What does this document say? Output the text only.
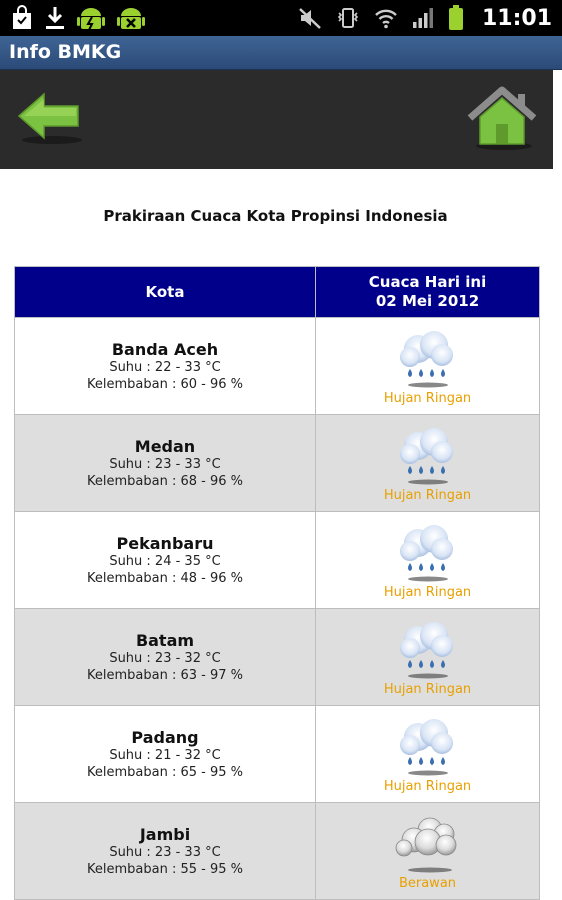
11:01
Info BMKG
Prakiraan Cuaca Kota Propinsi Indonesia
Kota	Cuaca Hari ini
02 Mei 2012

Banda Aceh
Suhu : 22 - 33 °C
Kelembaban : 60 - 96 %	Hujan Ringan

Medan
Suhu : 23 - 33 °C
Kelembaban : 68 - 96 %	Hujan Ringan

Pekanbaru
Suhu : 24 - 35 °C
Kelembaban : 48 - 96 %	Hujan Ringan

Batam
Suhu : 23 - 32 °C
Kelembaban : 63 - 97 %	Hujan Ringan

Padang
Suhu : 21 - 32 °C
Kelembaban : 65 - 95 %	Hujan Ringan

Jambi
Suhu : 23 - 33 °C
Kelembaban : 55 - 95 %	Berawan
